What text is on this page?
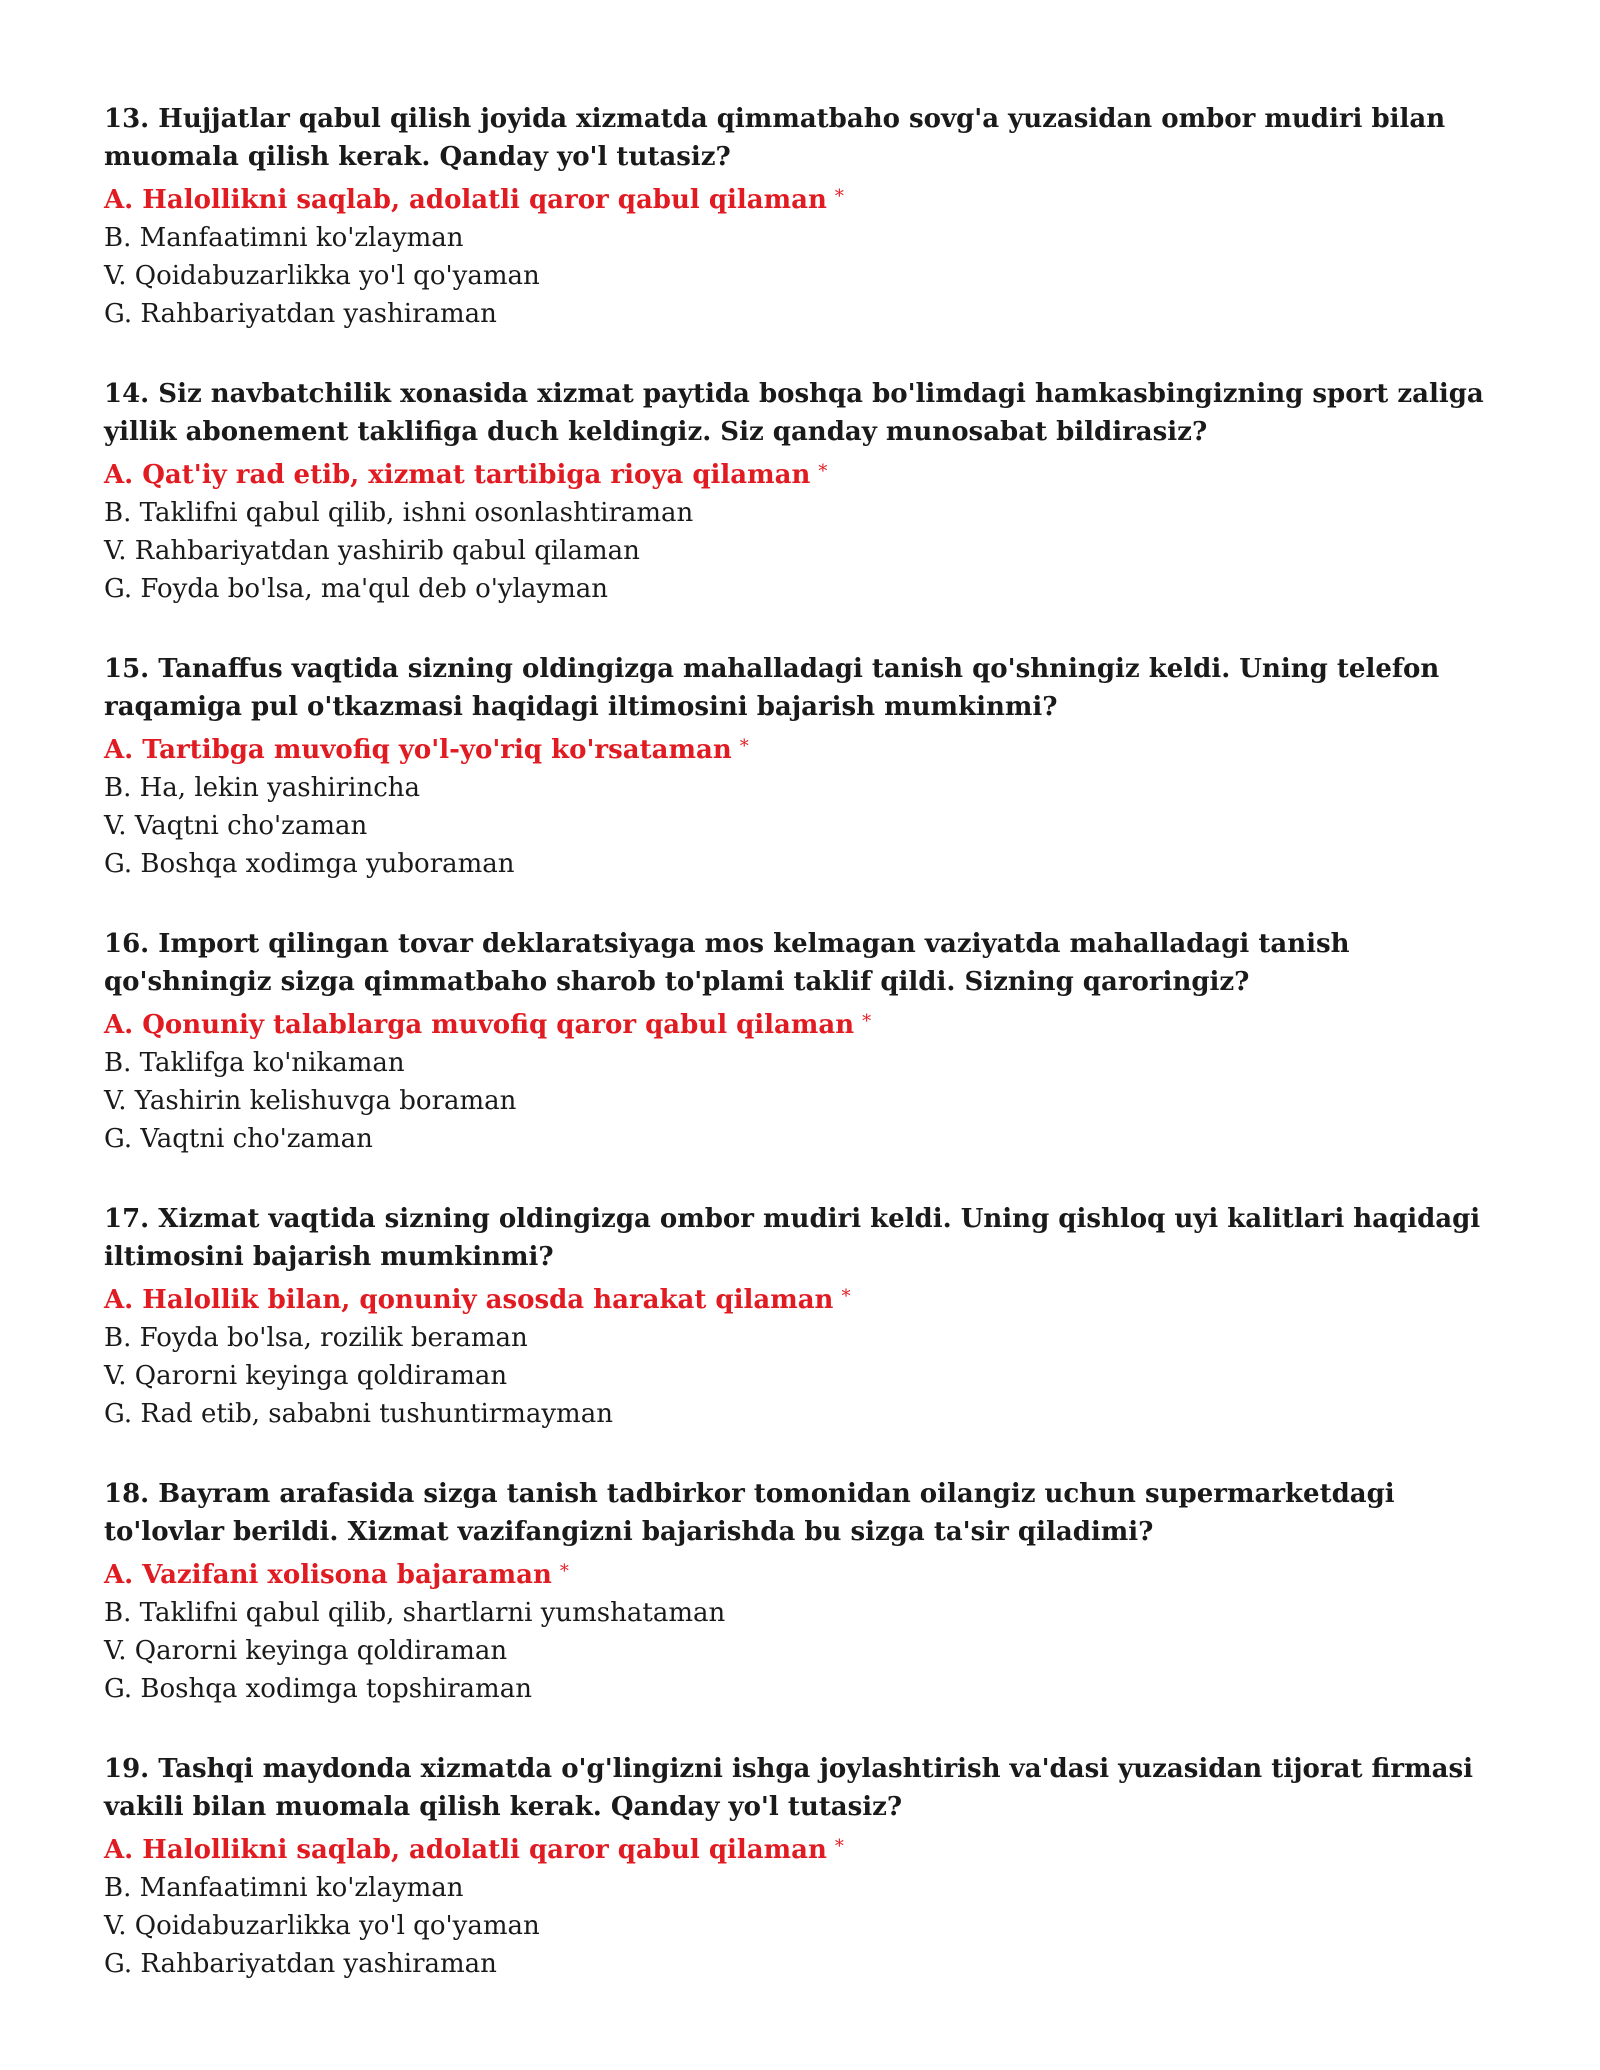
13. Hujjatlar qabul qilish joyida xizmatda qimmatbaho sovg'a yuzasidan ombor mudiri bilan muomala qilish kerak. Qanday yo'l tutasiz?

A. Halollikni saqlab, adolatli qaror qabul qilaman *

B. Manfaatimni ko'zlayman

V. Qoidabuzarlikka yo'l qo'yaman

G. Rahbariyatdan yashiraman

14. Siz navbatchilik xonasida xizmat paytida boshqa bo'limdagi hamkasbingizning sport zaliga yillik abonement taklifiga duch keldingiz. Siz qanday munosabat bildirasiz?

A. Qat'iy rad etib, xizmat tartibiga rioya qilaman *

B. Taklifni qabul qilib, ishni osonlashtiraman

V. Rahbariyatdan yashirib qabul qilaman

G. Foyda bo'lsa, ma'qul deb o'ylayman

15. Tanaffus vaqtida sizning oldingizga mahalladagi tanish qo'shningiz keldi. Uning telefon raqamiga pul o'tkazmasi haqidagi iltimosini bajarish mumkinmi?

A. Tartibga muvofiq yo'l-yo'riq ko'rsataman *

B. Ha, lekin yashirincha

V. Vaqtni cho'zaman

G. Boshqa xodimga yuboraman

16. Import qilingan tovar deklaratsiyaga mos kelmagan vaziyatda mahalladagi tanish qo'shningiz sizga qimmatbaho sharob to'plami taklif qildi. Sizning qaroringiz?

A. Qonuniy talablarga muvofiq qaror qabul qilaman *

B. Taklifga ko'nikaman

V. Yashirin kelishuvga boraman

G. Vaqtni cho'zaman

17. Xizmat vaqtida sizning oldingizga ombor mudiri keldi. Uning qishloq uyi kalitlari haqidagi iltimosini bajarish mumkinmi?

A. Halollik bilan, qonuniy asosda harakat qilaman *

B. Foyda bo'lsa, rozilik beraman

V. Qarorni keyinga qoldiraman

G. Rad etib, sababni tushuntirmayman

18. Bayram arafasida sizga tanish tadbirkor tomonidan oilangiz uchun supermarketdagi to'lovlar berildi. Xizmat vazifangizni bajarishda bu sizga ta'sir qiladimi?

A. Vazifani xolisona bajaraman *

B. Taklifni qabul qilib, shartlarni yumshataman

V. Qarorni keyinga qoldiraman

G. Boshqa xodimga topshiraman

19. Tashqi maydonda xizmatda o'g'lingizni ishga joylashtirish va'dasi yuzasidan tijorat firmasi vakili bilan muomala qilish kerak. Qanday yo'l tutasiz?

A. Halollikni saqlab, adolatli qaror qabul qilaman *

B. Manfaatimni ko'zlayman

V. Qoidabuzarlikka yo'l qo'yaman

G. Rahbariyatdan yashiraman
